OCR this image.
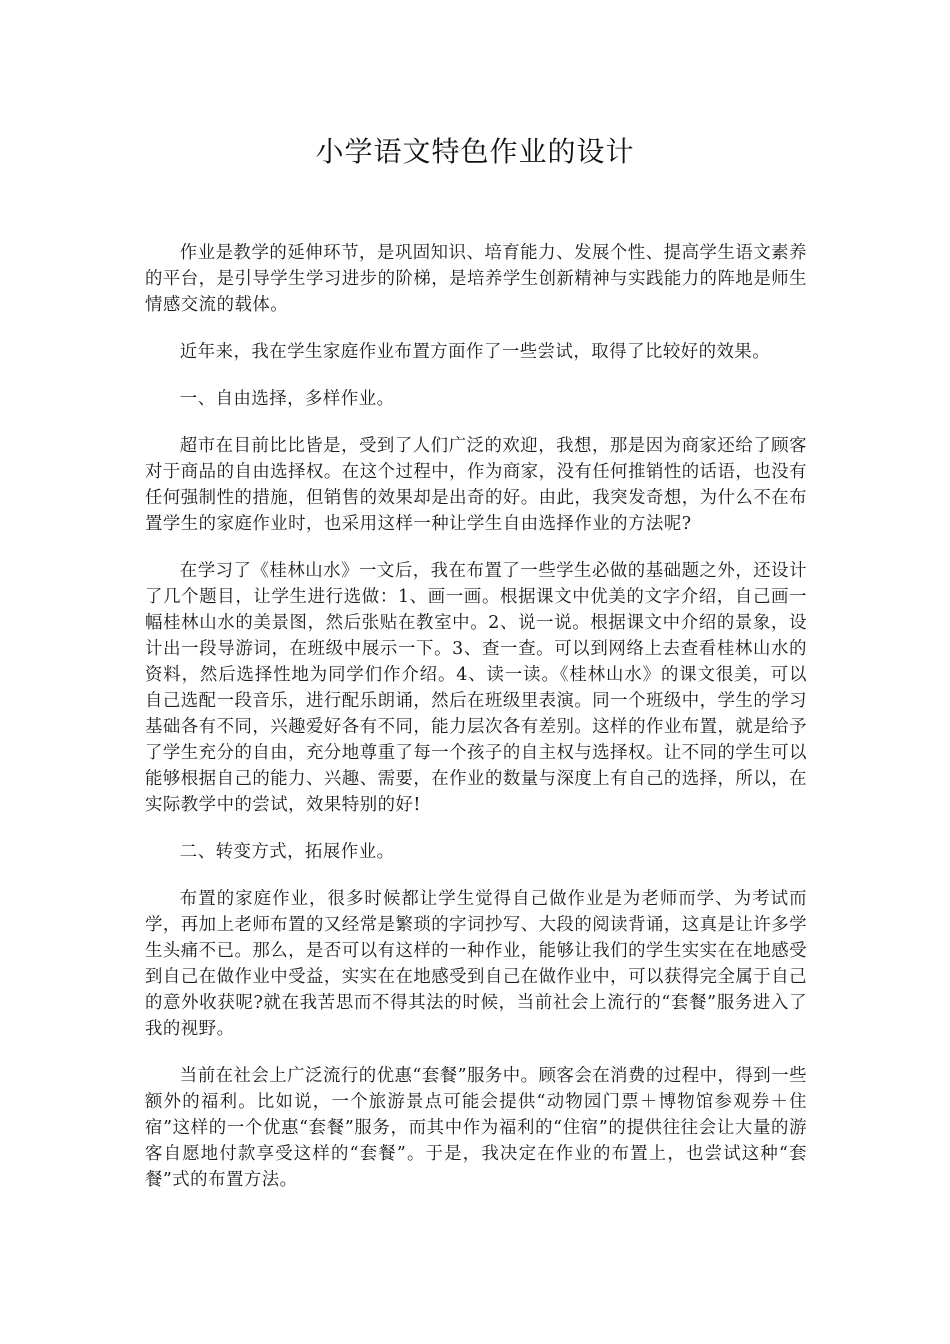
小学语文特色作业的设计

作业是教学的延伸环节，是巩固知识、培育能力、发展个性、提高学生语文素养的平台，是引导学生学习进步的阶梯，是培养学生创新精神与实践能力的阵地是师生情感交流的载体。

近年来，我在学生家庭作业布置方面作了一些尝试，取得了比较好的效果。

一、自由选择，多样作业。

超市在目前比比皆是，受到了人们广泛的欢迎，我想，那是因为商家还给了顾客对于商品的自由选择权。在这个过程中，作为商家，没有任何推销性的话语，也没有任何强制性的措施，但销售的效果却是出奇的好。由此，我突发奇想，为什么不在布置学生的家庭作业时，也采用这样一种让学生自由选择作业的方法呢?

在学习了《桂林山水》一文后，我在布置了一些学生必做的基础题之外，还设计了几个题目，让学生进行选做：1、画一画。根据课文中优美的文字介绍，自己画一幅桂林山水的美景图，然后张贴在教室中。2、说一说。根据课文中介绍的景象，设计出一段导游词，在班级中展示一下。3、查一查。可以到网络上去查看桂林山水的资料，然后选择性地为同学们作介绍。4、读一读。《桂林山水》的课文很美，可以自己选配一段音乐，进行配乐朗诵，然后在班级里表演。同一个班级中，学生的学习基础各有不同，兴趣爱好各有不同，能力层次各有差别。这样的作业布置，就是给予了学生充分的自由，充分地尊重了每一个孩子的自主权与选择权。让不同的学生可以能够根据自己的能力、兴趣、需要，在作业的数量与深度上有自己的选择，所以，在实际教学中的尝试，效果特别的好!

二、转变方式，拓展作业。

布置的家庭作业，很多时候都让学生觉得自己做作业是为老师而学、为考试而学，再加上老师布置的又经常是繁琐的字词抄写、大段的阅读背诵，这真是让许多学生头痛不已。那么，是否可以有这样的一种作业，能够让我们的学生实实在在地感受到自己在做作业中受益，实实在在地感受到自己在做作业中，可以获得完全属于自己的意外收获呢?就在我苦思而不得其法的时候，当前社会上流行的“套餐”服务进入了我的视野。

当前在社会上广泛流行的优惠“套餐”服务中。顾客会在消费的过程中，得到一些额外的福利。比如说，一个旅游景点可能会提供“动物园门票＋博物馆参观券＋住宿”这样的一个优惠“套餐”服务，而其中作为福利的“住宿”的提供往往会让大量的游客自愿地付款享受这样的“套餐”。于是，我决定在作业的布置上，也尝试这种“套餐”式的布置方法。
